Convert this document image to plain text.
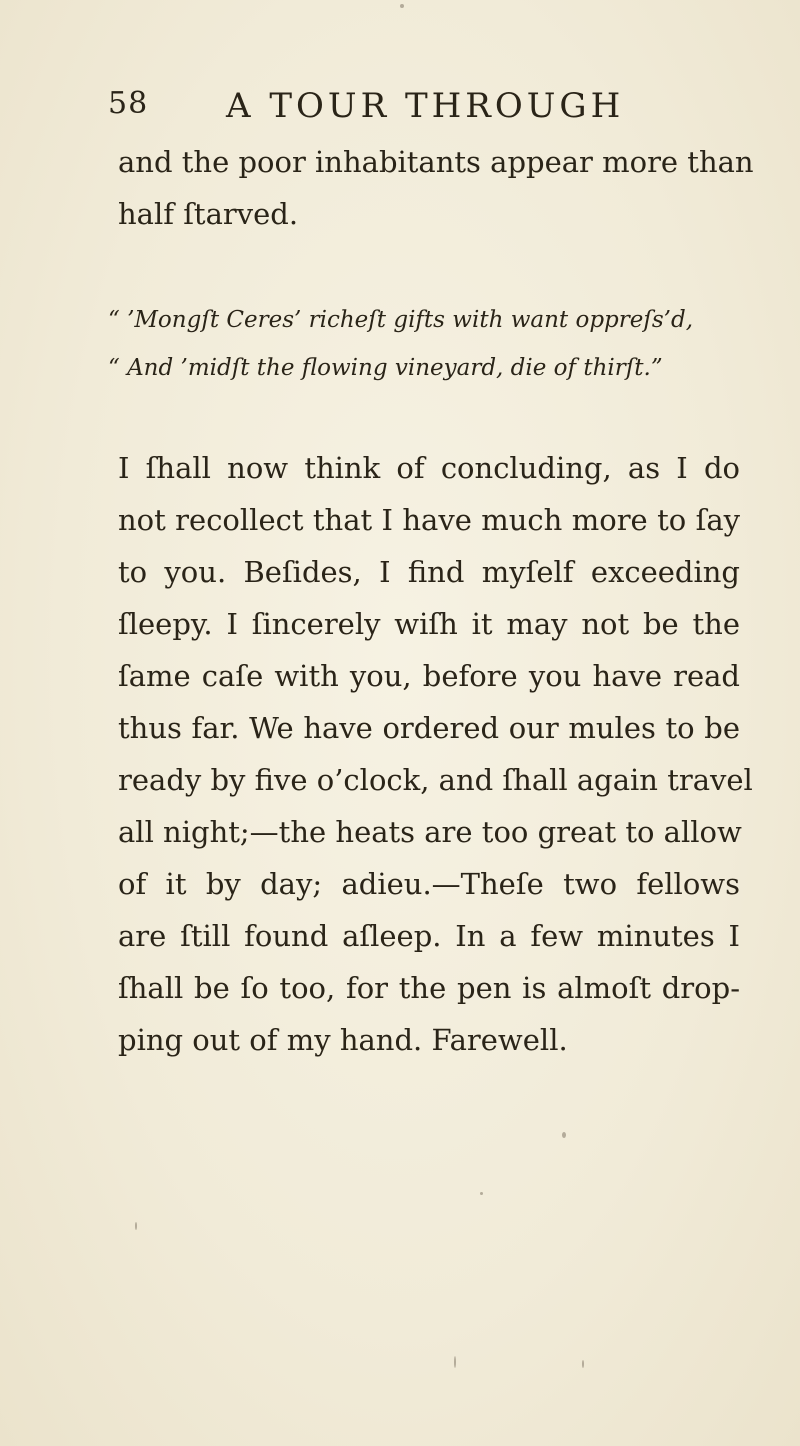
58 A TOUR THROUGH
and the poor inhabitants appear more than
half ſtarved.
“ ’Mongſt Ceres’ richeſt gifts with want oppreſs’d,
“ And ’midſt the flowing vineyard, die of thirſt.”
I ſhall now think of concluding, as I do
not recollect that I have much more to ſay
to you. Beſides, I find myſelf exceeding
ſleepy. I ſincerely wiſh it may not be the
ſame caſe with you, before you have read
thus far. We have ordered our mules to be
ready by five o’clock, and ſhall again travel
all night;—the heats are too great to allow
of it by day; adieu.—Theſe two fellows
are ſtill found aſleep. In a few minutes I
ſhall be ſo too, for the pen is almoſt drop-
ping out of my hand. Farewell.
